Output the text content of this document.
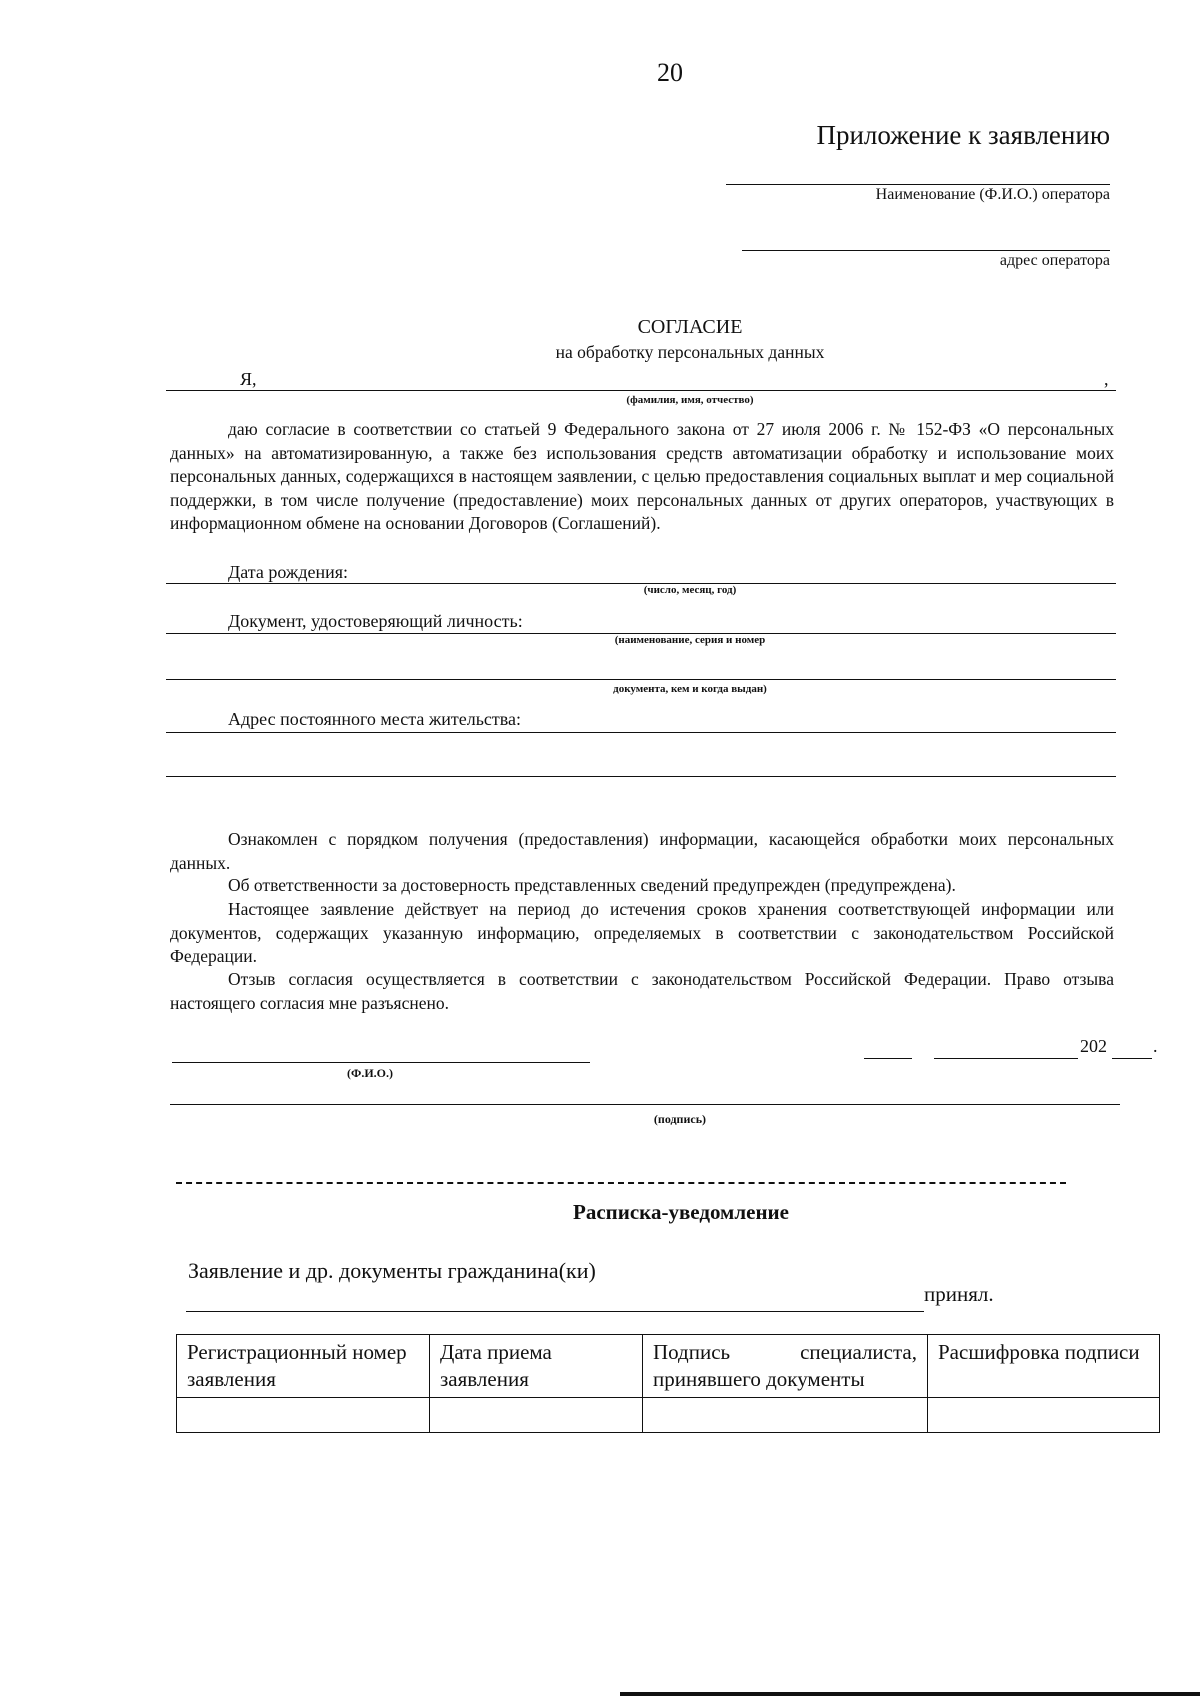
20
Приложение к заявлению
Наименование (Ф.И.О.) оператора
адрес оператора
СОГЛАСИЕ
на обработку персональных данных
Я,	,
(фамилия, имя, отчество)
даю согласие в соответствии со статьей 9 Федерального закона от 27 июля 2006 г. № 152-ФЗ «О персональных данных» на автоматизированную, а также без использования средств автоматизации обработку и использование моих персональных данных, содержащихся в настоящем заявлении, с целью предоставления социальных выплат и мер социальной поддержки, в том числе получение (предоставление) моих персональных данных от других операторов, участвующих в информационном обмене на основании Договоров (Соглашений).
Дата рождения:
(число, месяц, год)
Документ, удостоверяющий личность:
(наименование, серия и номер
документа, кем и когда выдан)
Адрес постоянного места жительства:
Ознакомлен с порядком получения (предоставления) информации, касающейся обработки моих персональных данных.
Об ответственности за достоверность представленных сведений предупрежден (предупреждена).
Настоящее заявление действует на период до истечения сроков хранения соответствующей информации или документов, содержащих указанную информацию, определяемых в соответствии с законодательством Российской Федерации.
Отзыв согласия осуществляется в соответствии с законодательством Российской Федерации. Право отзыва настоящего согласия мне разъяснено.
(Ф.И.О.)
202	.
(подпись)
Расписка-уведомление
Заявление и др. документы гражданина(ки)
принял.
Регистрационный номер заявления	Дата приема заявления	Подпись специалиста, принявшего документы	Расшифровка подписи
